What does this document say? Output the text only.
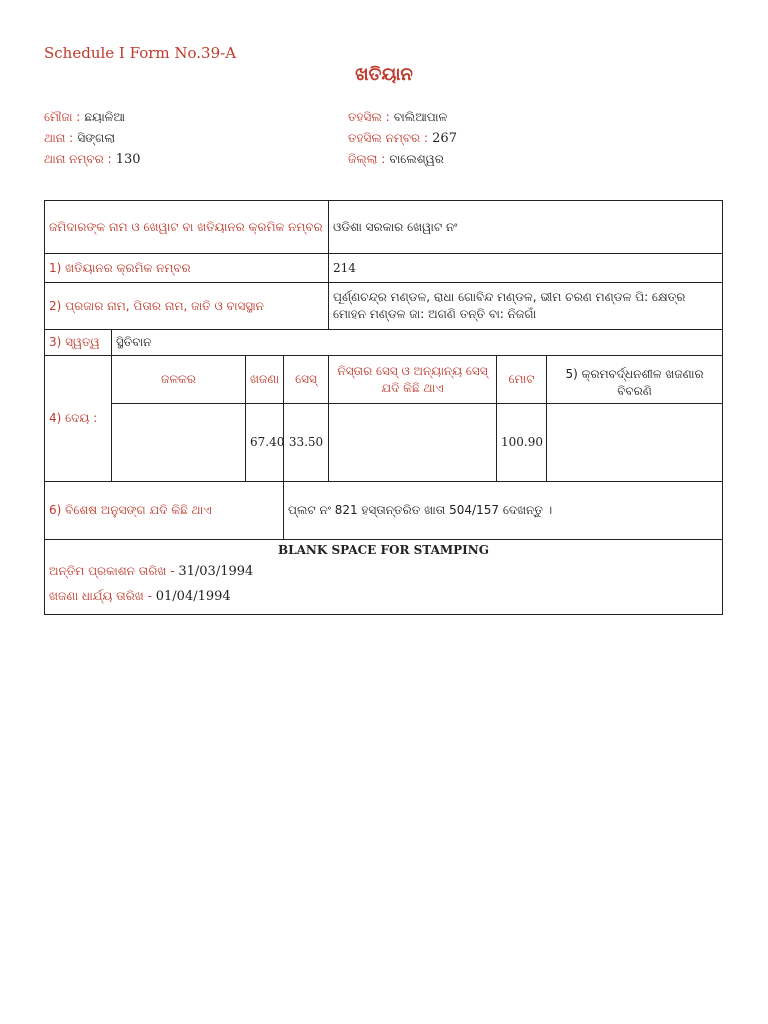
Schedule I Form No.39-A
ଖତିୟାନ
ମୌଜା : ଛୟାଳିଆ
ଥାନା : ସିଙ୍ଗଲା
ଥାନା ନମ୍ବର : 130
ତହସିଲ : ବାଲିଆପାଳ
ତହସିଲ ନମ୍ବର : 267
ଜିଲ୍ଲା : ବାଲେଶ୍ୱର
ଜମିଦାରଙ୍କ ନାମ ଓ ଖେୱାଟ ବା ଖତିୟାନର କ୍ରମିକ ନମ୍ବର				ଓଡିଶା ସରକାର ଖେୱାଟ ନଂ		
1) ଖତିୟାନର କ୍ରମିକ ନମ୍ବର				214		
2) ପ୍ରଜାର ନାମ, ପିତାର ନାମ, ଜାତି ଓ ବାସସ୍ଥାନ				ପୂର୍ଣ୍ଣଚନ୍ଦ୍ର ମଣ୍ଡଳ, ରାଧା ଗୋବିନ୍ଦ ମଣ୍ଡଳ, ଭୀମ ଚରଣ ମଣ୍ଡଳ ପି: କ୍ଷେତ୍ର ମୋହନ ମଣ୍ଡଳ ଜା: ଅଗଣି ତନ୍ତି ବା: ନିଜଗାଁ		
3) ସ୍ୱତ୍ୱ	ସ୍ଥିତିବାନ					
4) ଦେୟ :	ଜଳକର	ଖଜଣା	ସେସ୍	ନିସ୍ତାର ସେସ୍ ଓ ଅନ୍ୟାନ୍ୟ ସେସ୍ ଯଦି କିଛି ଥାଏ	ମୋଟ	5) କ୍ରମବର୍ଦ୍ଧନଶୀଳ ଖଜଣାର ବିବରଣି
		67.40	33.50		100.90	
6) ବିଶେଷ ଅନୁସଙ୍ଗ ଯଦି କିଛି ଥାଏ			ପ୍ଲଟ ନଂ 821 ହସ୍ତାନ୍ତରିତ ଖାତା 504/157 ଦେଖନ୍ତୁ ।			

BLANK SPACE FOR STAMPING
ଅନ୍ତିମ ପ୍ରକାଶନ ତାରିଖ - 31/03/1994
ଖଜଣା ଧାର୍ଯ୍ୟ ତାରିଖ - 01/04/1994						
